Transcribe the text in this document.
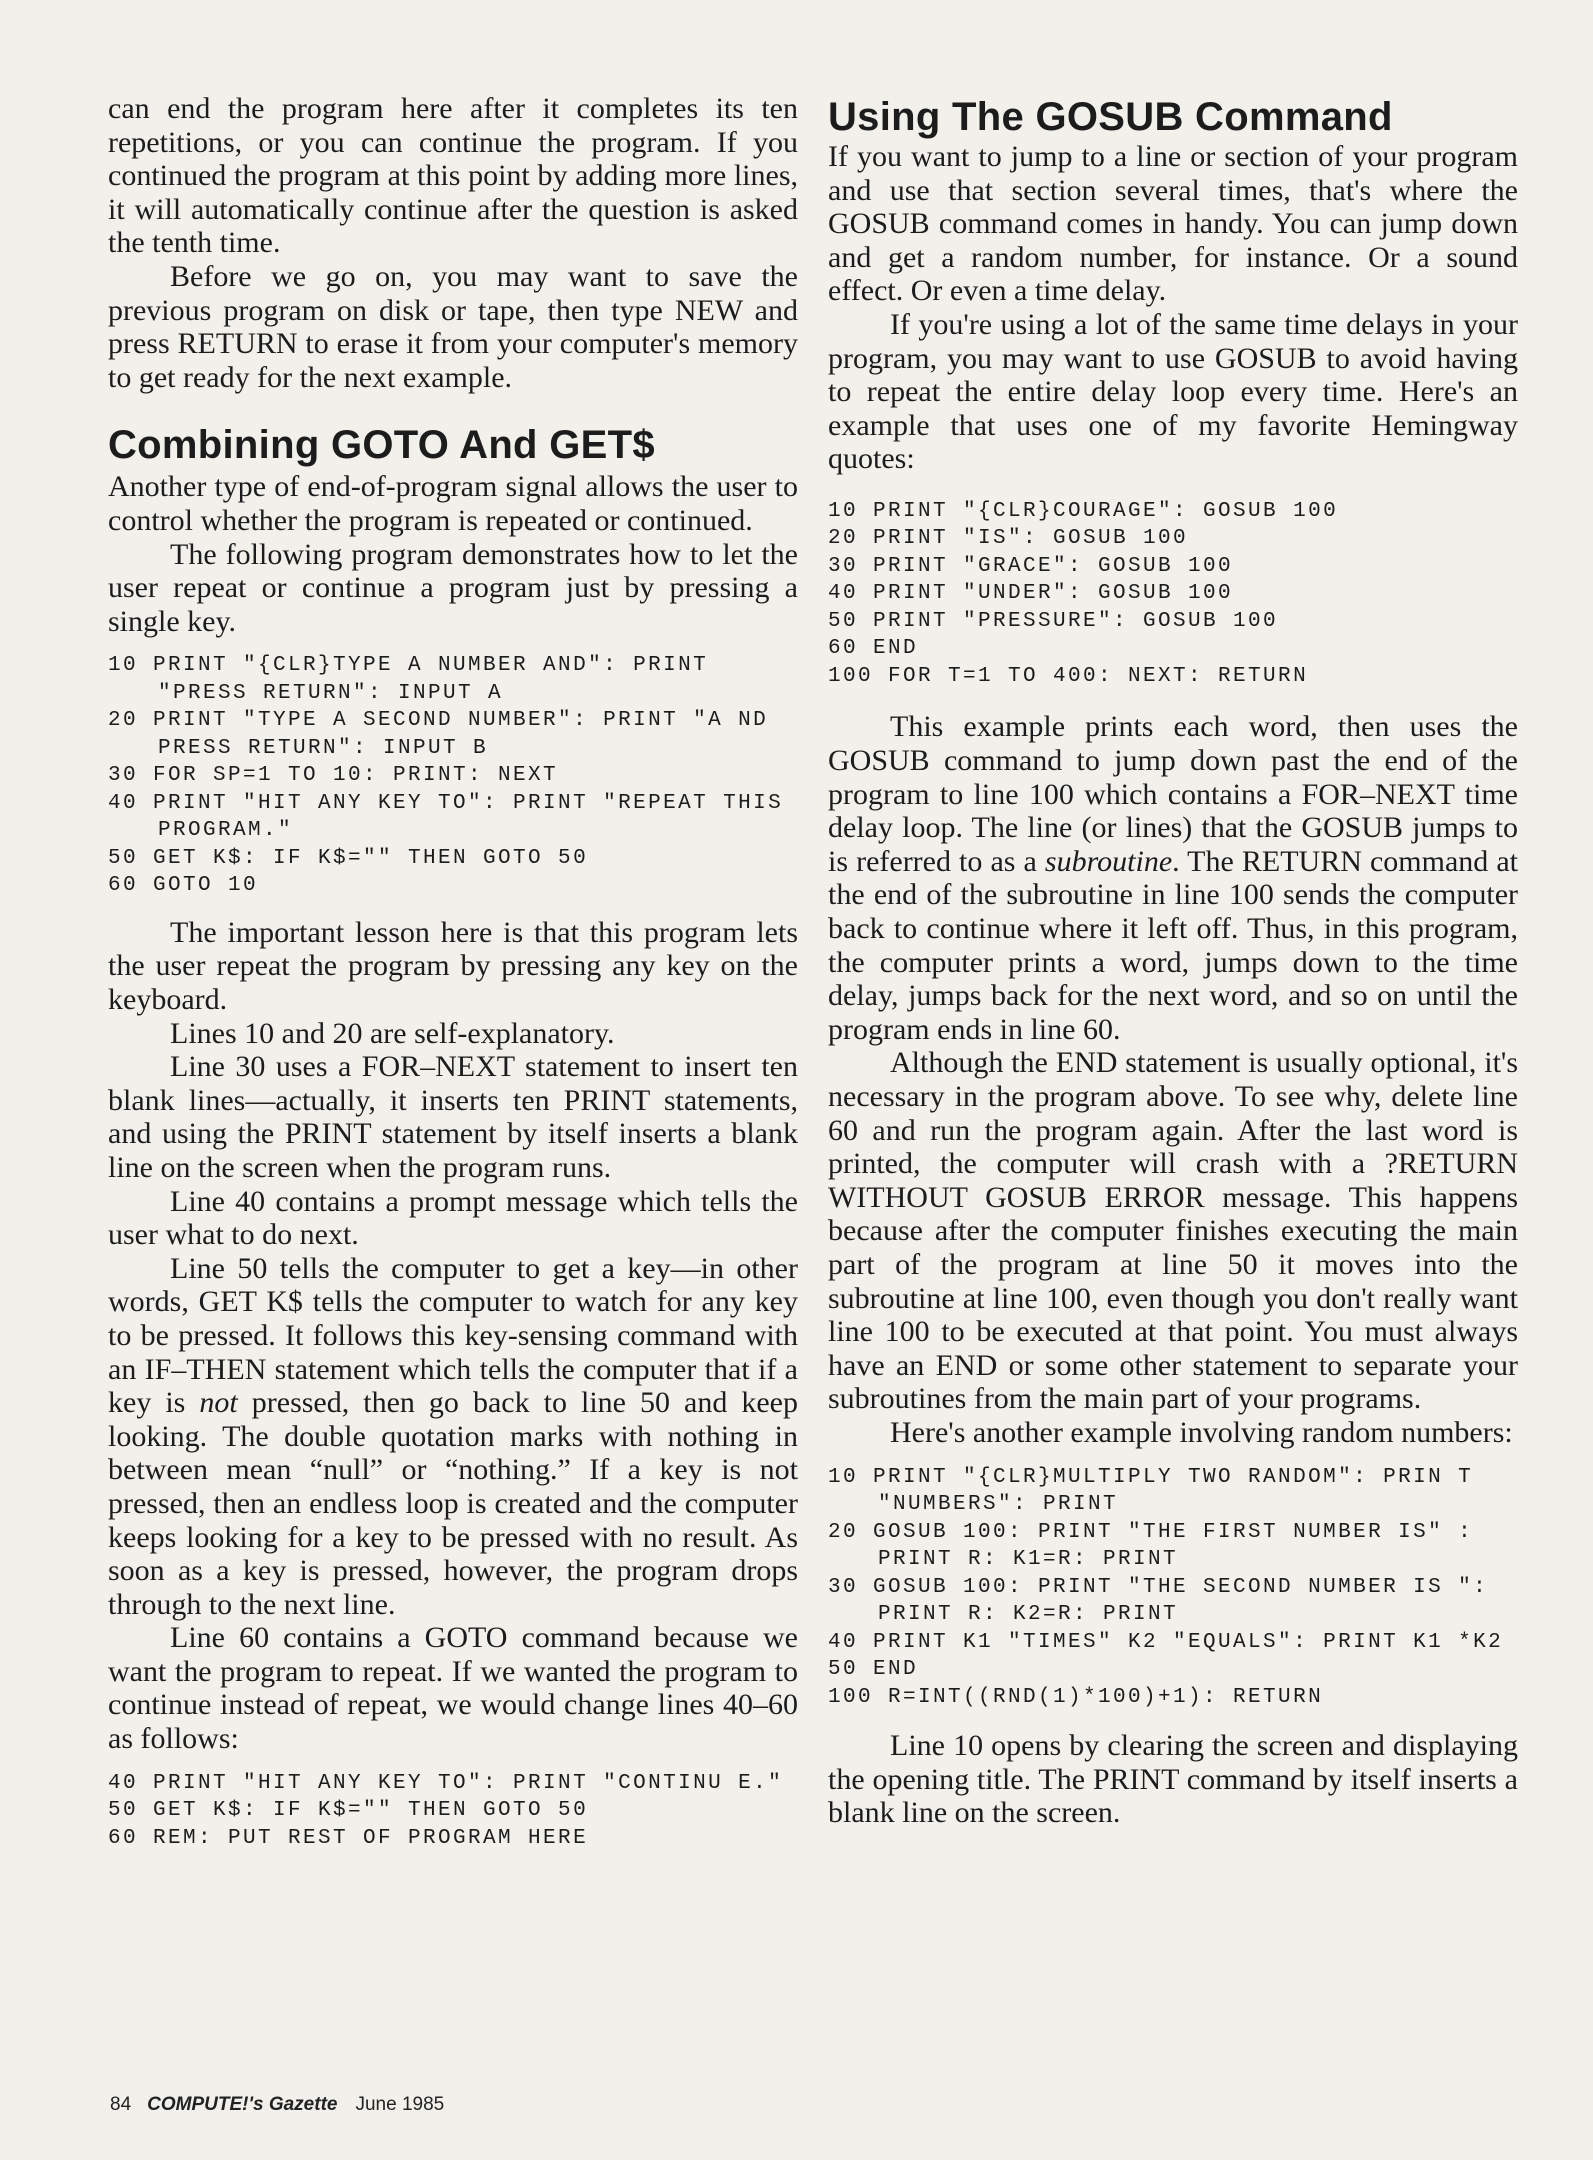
can end the program here after it completes its ten repetitions, or you can continue the program. If you continued the program at this point by adding more lines, it will automatically continue after the question is asked the tenth time.

Before we go on, you may want to save the previous program on disk or tape, then type NEW and press RETURN to erase it from your computer's memory to get ready for the next example.

Combining GOTO And GET$

Another type of end-of-program signal allows the user to control whether the program is repeated or continued.

The following program demonstrates how to let the user repeat or continue a program just by pressing a single key.

10 PRINT "{CLR}TYPE A NUMBER AND": PRINT "PRESS RETURN": INPUT A
20 PRINT "TYPE A SECOND NUMBER": PRINT "A ND PRESS RETURN": INPUT B
30 FOR SP=1 TO 10: PRINT: NEXT
40 PRINT "HIT ANY KEY TO": PRINT "REPEAT THIS PROGRAM."
50 GET K$: IF K$="" THEN GOTO 50
60 GOTO 10

The important lesson here is that this program lets the user repeat the program by pressing any key on the keyboard.

Lines 10 and 20 are self-explanatory.

Line 30 uses a FOR–NEXT statement to insert ten blank lines—actually, it inserts ten PRINT statements, and using the PRINT statement by itself inserts a blank line on the screen when the program runs.

Line 40 contains a prompt message which tells the user what to do next.

Line 50 tells the computer to get a key—in other words, GET K$ tells the computer to watch for any key to be pressed. It follows this key-sensing command with an IF–THEN statement which tells the computer that if a key is not pressed, then go back to line 50 and keep looking. The double quotation marks with nothing in between mean “null” or “nothing.” If a key is not pressed, then an endless loop is created and the computer keeps looking for a key to be pressed with no result. As soon as a key is pressed, however, the program drops through to the next line.

Line 60 contains a GOTO command because we want the program to repeat. If we wanted the program to continue instead of repeat, we would change lines 40–60 as follows:

40 PRINT "HIT ANY KEY TO": PRINT "CONTINU E."
50 GET K$: IF K$="" THEN GOTO 50
60 REM: PUT REST OF PROGRAM HERE
Using The GOSUB Command

If you want to jump to a line or section of your program and use that section several times, that's where the GOSUB command comes in handy. You can jump down and get a random number, for instance. Or a sound effect. Or even a time delay.

If you're using a lot of the same time delays in your program, you may want to use GOSUB to avoid having to repeat the entire delay loop every time. Here's an example that uses one of my favorite Hemingway quotes:

10 PRINT "{CLR}COURAGE": GOSUB 100
20 PRINT "IS": GOSUB 100
30 PRINT "GRACE": GOSUB 100
40 PRINT "UNDER": GOSUB 100
50 PRINT "PRESSURE": GOSUB 100
60 END
100 FOR T=1 TO 400: NEXT: RETURN

This example prints each word, then uses the GOSUB command to jump down past the end of the program to line 100 which contains a FOR–NEXT time delay loop. The line (or lines) that the GOSUB jumps to is referred to as a subroutine. The RETURN command at the end of the subroutine in line 100 sends the computer back to continue where it left off. Thus, in this program, the computer prints a word, jumps down to the time delay, jumps back for the next word, and so on until the program ends in line 60.

Although the END statement is usually optional, it's necessary in the program above. To see why, delete line 60 and run the program again. After the last word is printed, the computer will crash with a ?RETURN WITHOUT GOSUB ERROR message. This happens because after the computer finishes executing the main part of the program at line 50 it moves into the subroutine at line 100, even though you don't really want line 100 to be executed at that point. You must always have an END or some other statement to separate your subroutines from the main part of your programs.

Here's another example involving random numbers:

10 PRINT "{CLR}MULTIPLY TWO RANDOM": PRIN T "NUMBERS": PRINT
20 GOSUB 100: PRINT "THE FIRST NUMBER IS" : PRINT R: K1=R: PRINT
30 GOSUB 100: PRINT "THE SECOND NUMBER IS ": PRINT R: K2=R: PRINT
40 PRINT K1 "TIMES" K2 "EQUALS": PRINT K1 *K2
50 END
100 R=INT((RND(1)*100)+1): RETURN

Line 10 opens by clearing the screen and displaying the opening title. The PRINT command by itself inserts a blank line on the screen.

84 COMPUTE!'s Gazette June 1985
